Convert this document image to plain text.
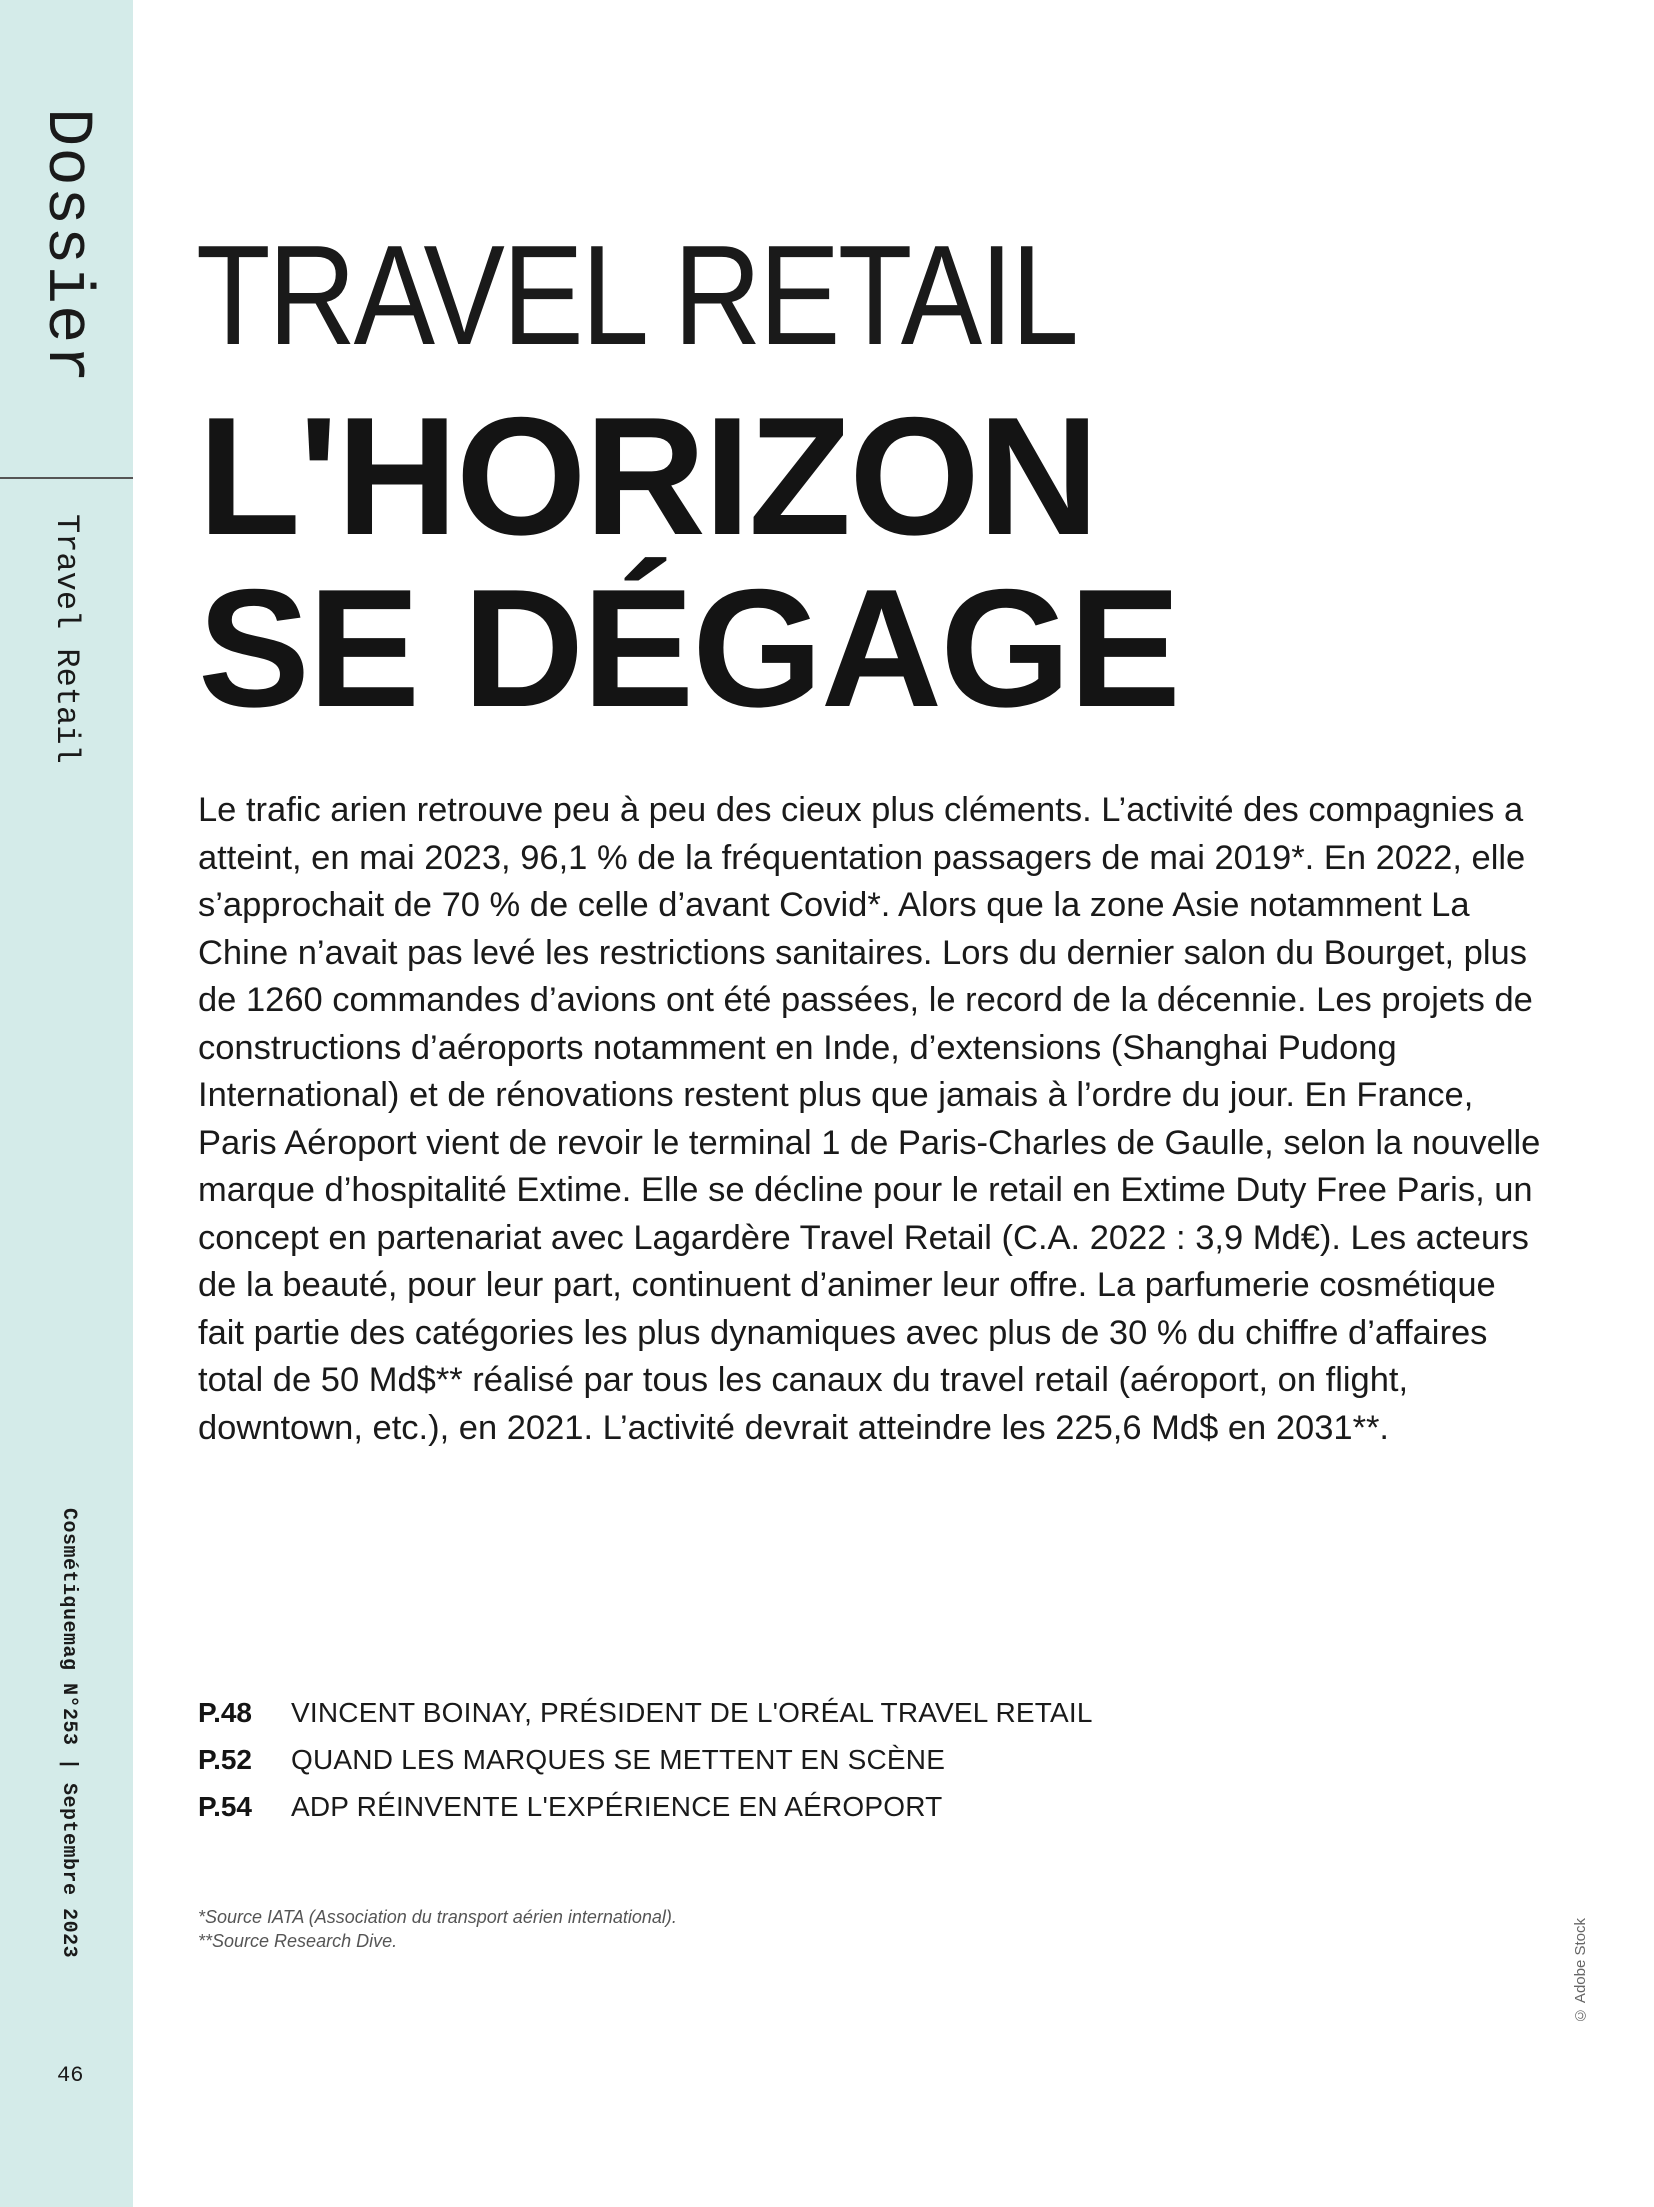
Dossier
Travel Retail
Cosmétiquemag N°253 | Septembre 2023
46
TRAVEL RETAIL
L'HORIZON
SE DÉGAGE

Le trafic arien retrouve peu à peu des cieux plus cléments. L’activité des compagnies a atteint, en mai 2023, 96,1 % de la fréquentation passagers de mai 2019*. En 2022, elle s’approchait de 70 % de celle d’avant Covid*. Alors que la zone Asie notamment La Chine n’avait pas levé les restrictions sanitaires. Lors du dernier salon du Bourget, plus de 1260 commandes d’avions ont été passées, le record de la décennie. Les projets de constructions d’aéroports notamment en Inde, d’extensions (Shanghai Pudong International) et de rénovations restent plus que jamais à l’ordre du jour. En France, Paris Aéroport vient de revoir le terminal 1 de Paris-Charles de Gaulle, selon la nouvelle marque d’hospitalité Extime. Elle se décline pour le retail en Extime Duty Free Paris, un concept en partenariat avec Lagardère Travel Retail (C.A. 2022 : 3,9 Md€). Les acteurs de la beauté, pour leur part, continuent d’animer leur offre. La parfumerie cosmétique fait partie des catégories les plus dynamiques avec plus de 30 % du chiffre d’affaires total de 50 Md$** réalisé par tous les canaux du travel retail (aéroport, on flight, downtown, etc.), en 2021. L’activité devrait atteindre les 225,6 Md$ en 2031**.

P.48	VINCENT BOINAY, PRÉSIDENT DE L'ORÉAL TRAVEL RETAIL
P.52	QUAND LES MARQUES SE METTENT EN SCÈNE
P.54	ADP RÉINVENTE L'EXPÉRIENCE EN AÉROPORT
*Source IATA (Association du transport aérien international).
**Source Research Dive.	© Adobe Stock
